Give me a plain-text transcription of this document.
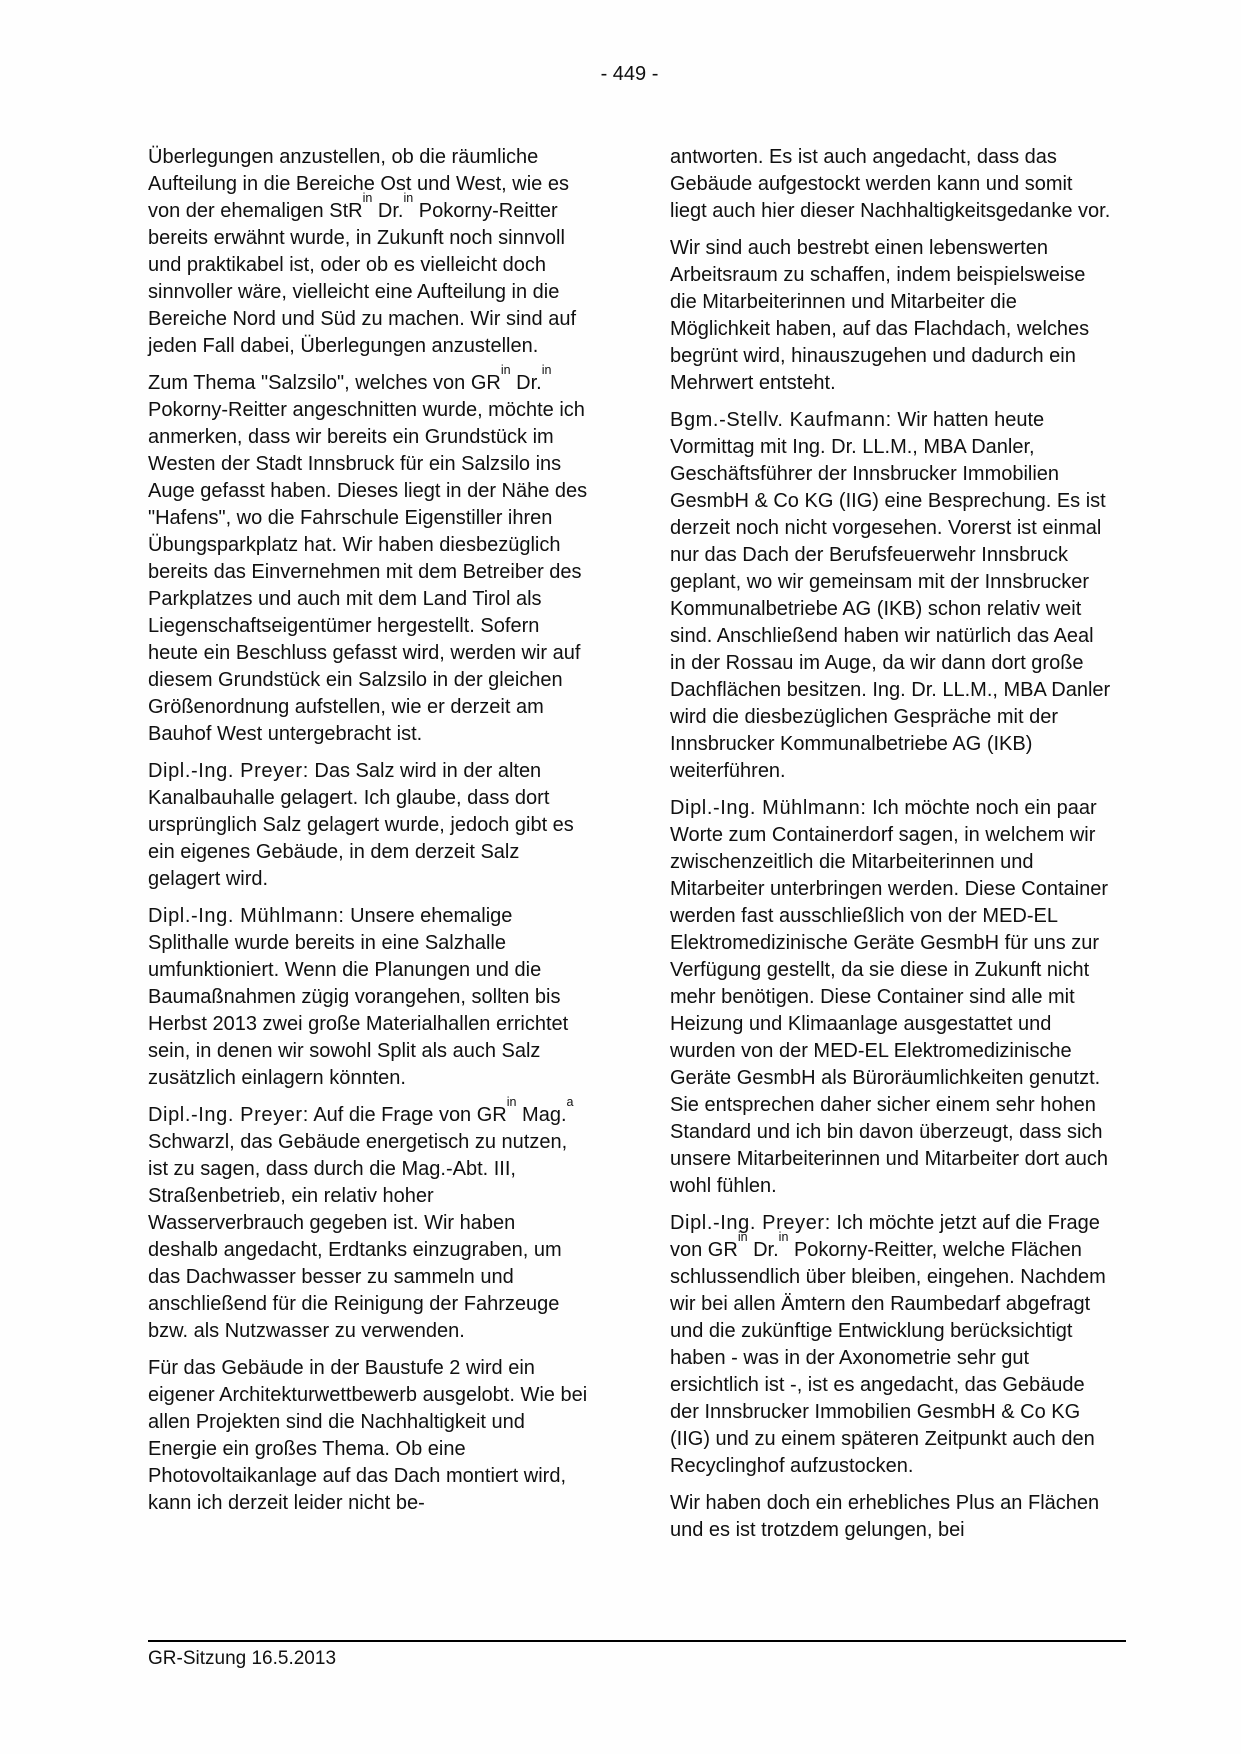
- 449 -

Überlegungen anzustellen, ob die räumliche Aufteilung in die Bereiche Ost und West, wie es von der ehemaligen StR$^{in}$ Dr.$^{in}$ Pokorny-Reitter bereits erwähnt wurde, in Zukunft noch sinnvoll und praktikabel ist, oder ob es vielleicht doch sinnvoller wäre, vielleicht eine Aufteilung in die Bereiche Nord und Süd zu machen. Wir sind auf jeden Fall dabei, Überlegungen anzustellen.

Zum Thema "Salzsilo", welches von $GR^{in}$ Dr.$^{in}$ Pokorny-Reitter angeschnitten wurde, möchte ich anmerken, dass wir bereits ein Grundstück im Westen der Stadt Innsbruck für ein Salzsilo ins Auge gefasst haben. Dieses liegt in der Nähe des "Hafens", wo die Fahrschule Eigenstiller ihren Übungsparkplatz hat. Wir haben diesbezüglich bereits das Einvernehmen mit dem Betreiber des Parkplatzes und auch mit dem Land Tirol als Liegenschaftseigentümer hergestellt. Sofern heute ein Beschluss gefasst wird, werden wir auf diesem Grundstück ein Salzsilo in der gleichen Größenordnung aufstellen, wie er derzeit am Bauhof West untergebracht ist.

Dipl.-Ing. Preyer: Das Salz wird in der alten Kanalbauhalle gelagert. Ich glaube, dass dort ursprünglich Salz gelagert wurde, jedoch gibt es ein eigenes Gebäude, in dem derzeit Salz gelagert wird.

Dipl.-Ing. Mühlmann: Unsere ehemalige Splithalle wurde bereits in eine Salzhalle umfunktioniert. Wenn die Planungen und die Baumaßnahmen zügig vorangehen, sollten bis Herbst 2013 zwei große Materialhallen errichtet sein, in denen wir sowohl Split als auch Salz zusätzlich einlagern könnten.

Dipl.-Ing. Preyer: Auf die Frage von $GR^{in}$ Mag.$^a$ Schwarzl, das Gebäude energetisch zu nutzen, ist zu sagen, dass durch die Mag.-Abt. III, Straßenbetrieb, ein relativ hoher Wasserverbrauch gegeben ist. Wir haben deshalb angedacht, Erdtanks einzugraben, um das Dachwasser besser zu sammeln und anschließend für die Reinigung der Fahrzeuge bzw. als Nutzwasser zu verwenden.

Für das Gebäude in der Baustufe 2 wird ein eigener Architekturwettbewerb ausgelobt. Wie bei allen Projekten sind die Nachhaltigkeit und Energie ein großes Thema. Ob eine Photovoltaikanlage auf das Dach montiert wird, kann ich derzeit leider nicht be-

antworten. Es ist auch angedacht, dass das Gebäude aufgestockt werden kann und somit liegt auch hier dieser Nachhaltigkeitsgedanke vor.

Wir sind auch bestrebt einen lebenswerten Arbeitsraum zu schaffen, indem beispielsweise die Mitarbeiterinnen und Mitarbeiter die Möglichkeit haben, auf das Flachdach, welches begrünt wird, hinauszugehen und dadurch ein Mehrwert entsteht.

Bgm.-Stellv. Kaufmann: Wir hatten heute Vormittag mit Ing. Dr. LL.M., MBA Danler, Geschäftsführer der Innsbrucker Immobilien GesmbH & Co KG (IIG) eine Besprechung. Es ist derzeit noch nicht vorgesehen. Vorerst ist einmal nur das Dach der Berufsfeuerwehr Innsbruck geplant, wo wir gemeinsam mit der Innsbrucker Kommunalbetriebe AG (IKB) schon relativ weit sind. Anschließend haben wir natürlich das Aeal in der Rossau im Auge, da wir dann dort große Dachflächen besitzen. Ing. Dr. LL.M., MBA Danler wird die diesbezüglichen Gespräche mit der Innsbrucker Kommunalbetriebe AG (IKB) weiterführen.

Dipl.-Ing. Mühlmann: Ich möchte noch ein paar Worte zum Containerdorf sagen, in welchem wir zwischenzeitlich die Mitarbeiterinnen und Mitarbeiter unterbringen werden. Diese Container werden fast ausschließlich von der MED-EL Elektromedizinische Geräte GesmbH für uns zur Verfügung gestellt, da sie diese in Zukunft nicht mehr benötigen. Diese Container sind alle mit Heizung und Klimaanlage ausgestattet und wurden von der MED-EL Elektromedizinische Geräte GesmbH als Büroräumlichkeiten genutzt. Sie entsprechen daher sicher einem sehr hohen Standard und ich bin davon überzeugt, dass sich unsere Mitarbeiterinnen und Mitarbeiter dort auch wohl fühlen.

Dipl.-Ing. Preyer: Ich möchte jetzt auf die Frage von $GR^{in}$ Dr.$^{in}$ Pokorny-Reitter, welche Flächen schlussendlich über bleiben, eingehen. Nachdem wir bei allen Ämtern den Raumbedarf abgefragt und die zukünftige Entwicklung berücksichtigt haben - was in der Axonometrie sehr gut ersichtlich ist -, ist es angedacht, das Gebäude der Innsbrucker Immobilien GesmbH & Co KG (IIG) und zu einem späteren Zeitpunkt auch den Recyclinghof aufzustocken.

Wir haben doch ein erhebliches Plus an Flächen und es ist trotzdem gelungen, bei

GR-Sitzung 16.5.2013
